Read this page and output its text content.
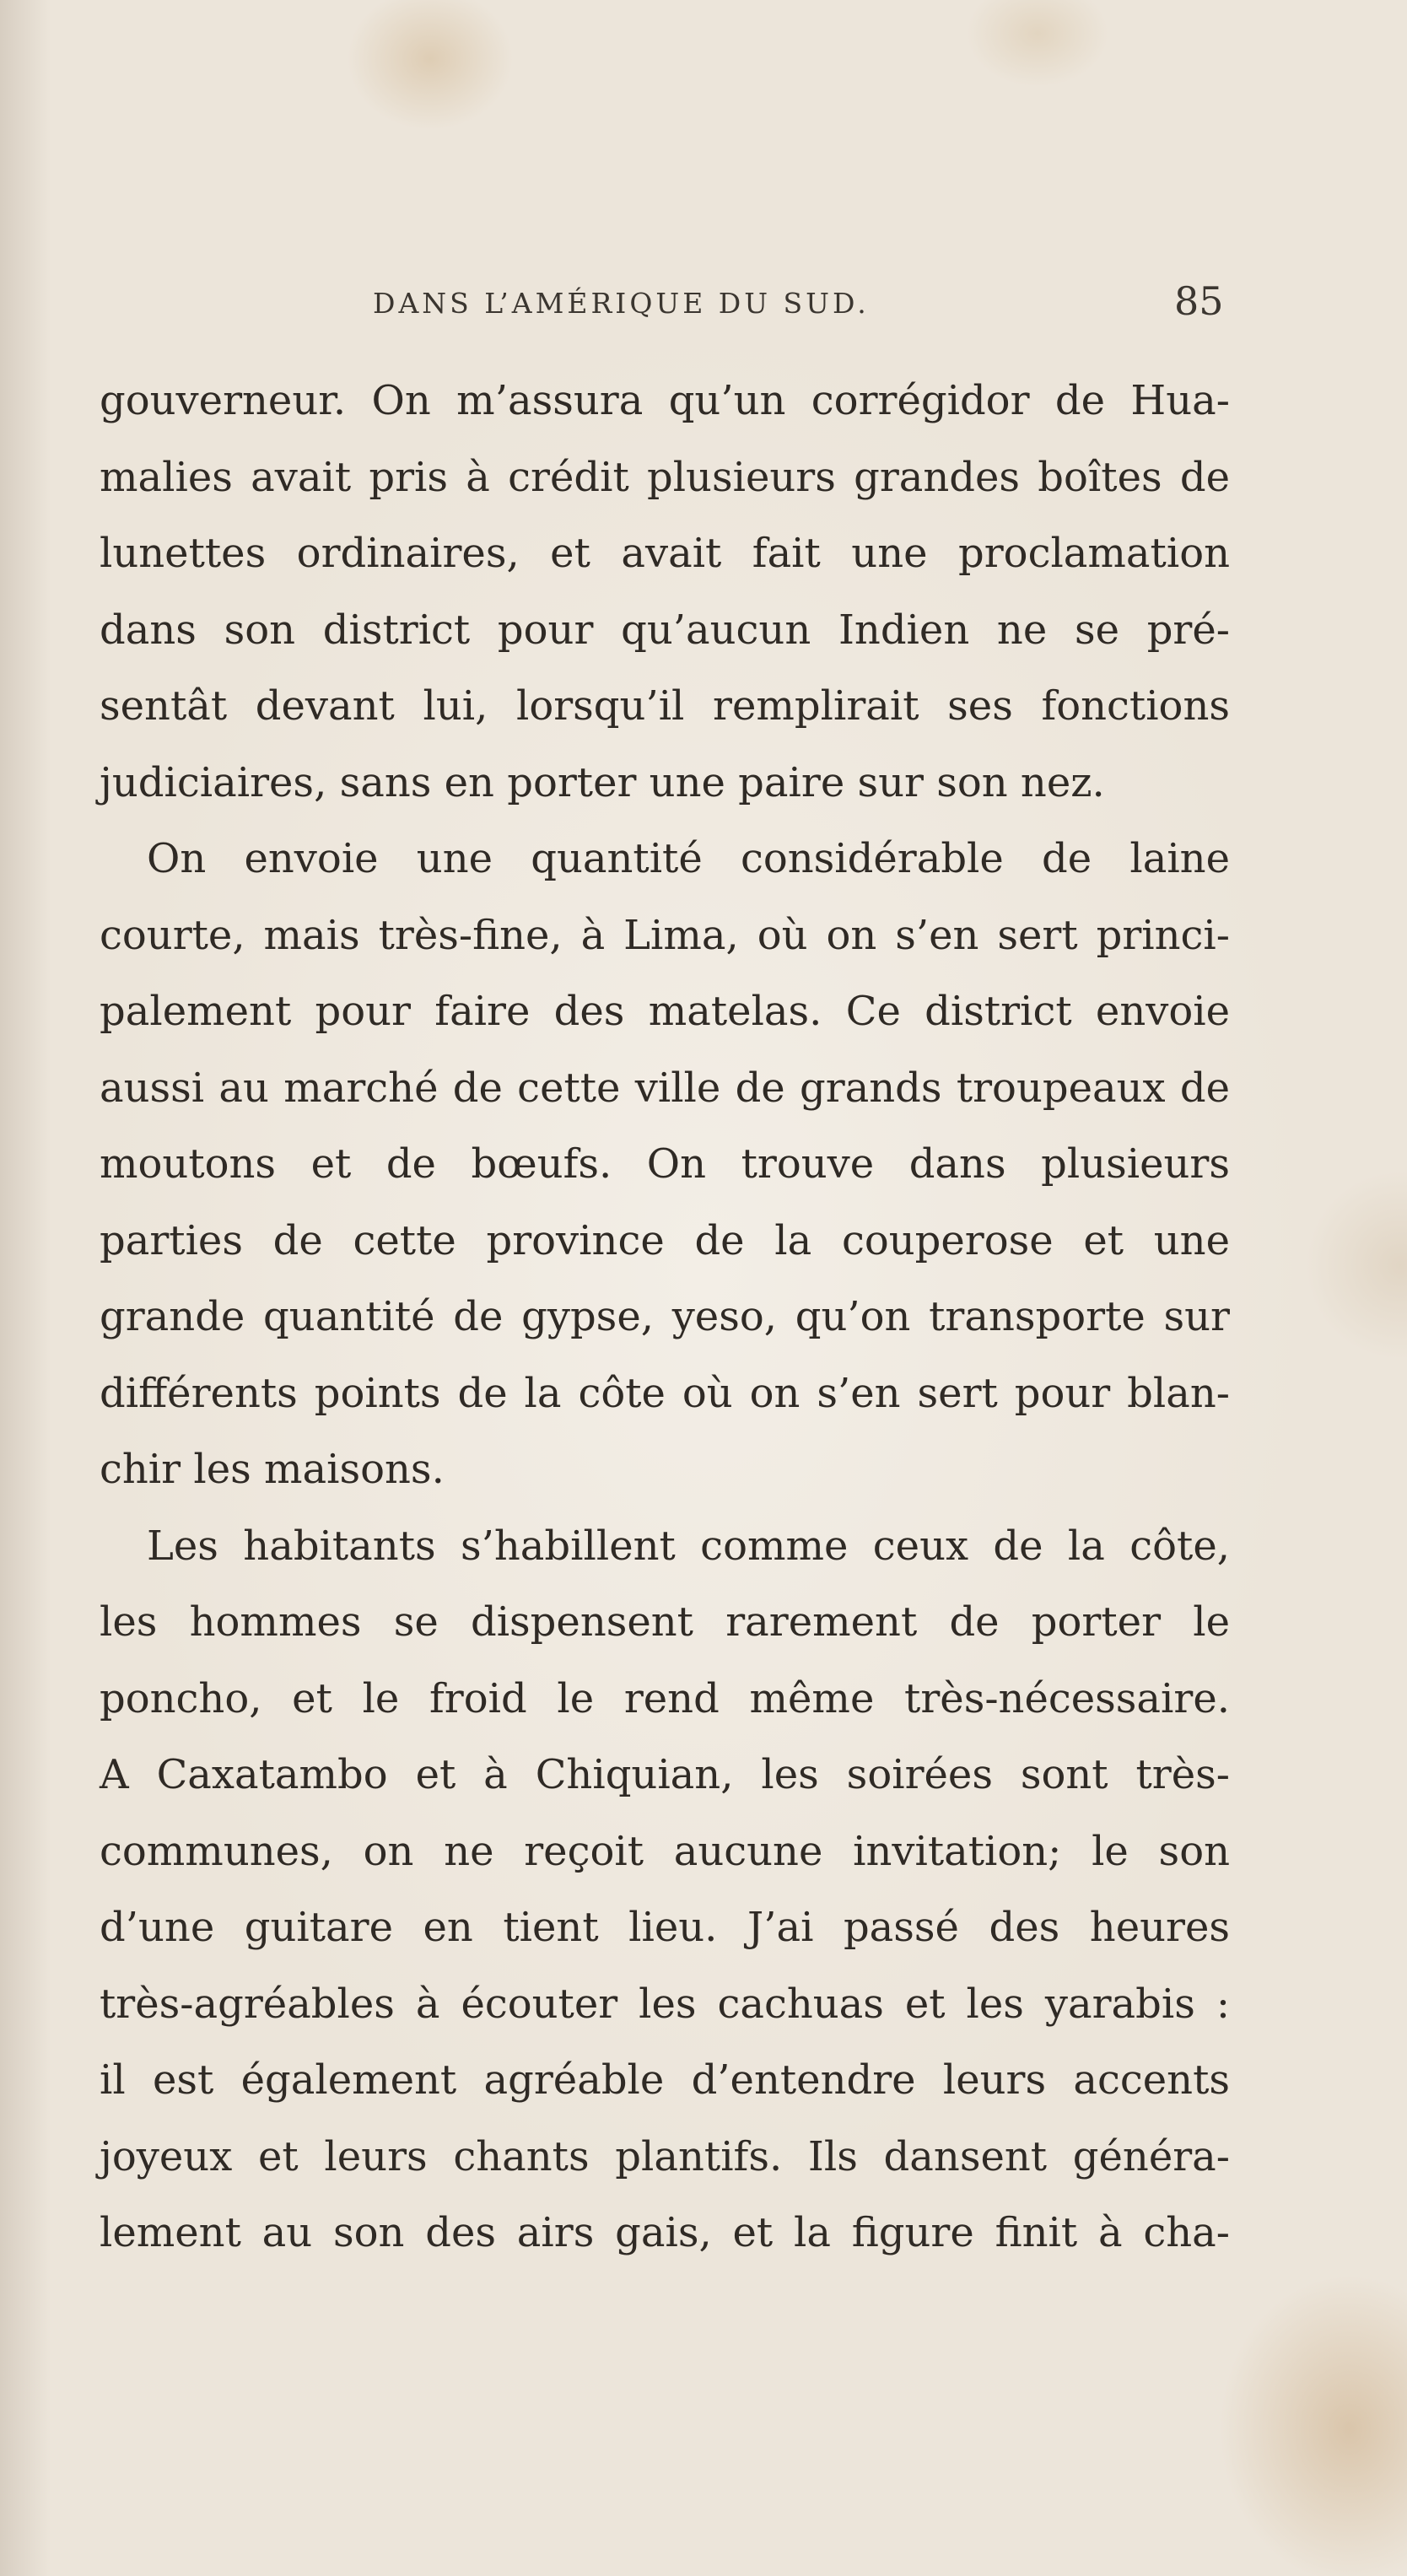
DANS L’AMÉRIQUE DU SUD.	85
gouverneur. On m’assura qu’un corrégidor de Hua-
malies avait pris à crédit plusieurs grandes boîtes de
lunettes ordinaires, et avait fait une proclamation
dans son district pour qu’aucun Indien ne se pré-
sentât devant lui, lorsqu’il remplirait ses fonctions
judiciaires, sans en porter une paire sur son nez.
On envoie une quantité considérable de laine
courte, mais très-fine, à Lima, où on s’en sert princi-
palement pour faire des matelas. Ce district envoie
aussi au marché de cette ville de grands troupeaux de
moutons et de bœufs. On trouve dans plusieurs
parties de cette province de la couperose et une
grande quantité de gypse, yeso, qu’on transporte sur
différents points de la côte où on s’en sert pour blan-
chir les maisons.
Les habitants s’habillent comme ceux de la côte,
les hommes se dispensent rarement de porter le
poncho, et le froid le rend même très-nécessaire.
A Caxatambo et à Chiquian, les soirées sont très-
communes, on ne reçoit aucune invitation; le son
d’une guitare en tient lieu. J’ai passé des heures
très-agréables à écouter les cachuas et les yarabis :
il est également agréable d’entendre leurs accents
joyeux et leurs chants plantifs. Ils dansent généra-
lement au son des airs gais, et la figure finit à cha-
